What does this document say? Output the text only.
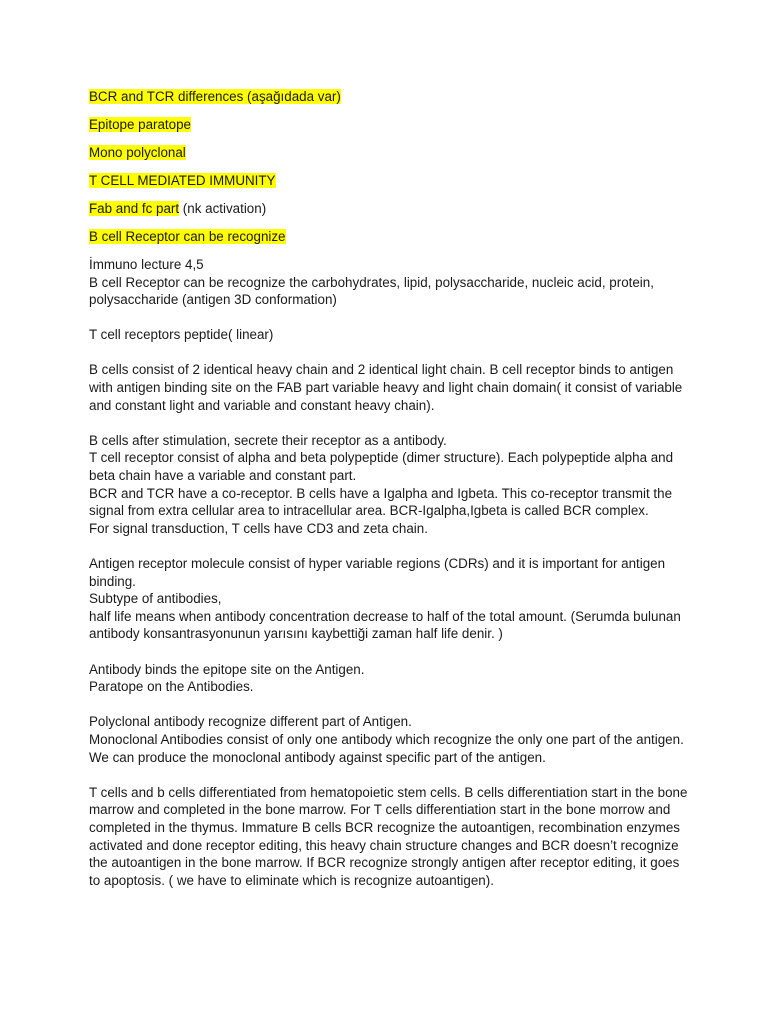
BCR and TCR differences (aşağıdada var)

Epitope paratope

Mono polyclonal

T CELL MEDIATED IMMUNITY

Fab and fc part (nk activation)

B cell Receptor can be recognize

İmmuno lecture 4,5

B cell Receptor can be recognize the carbohydrates, lipid, polysaccharide, nucleic acid, protein, polysaccharide (antigen 3D conformation)

T cell receptors peptide( linear)

B cells consist of 2 identical heavy chain and 2 identical light chain. B cell receptor binds to antigen with antigen binding site on the FAB part variable heavy and light chain domain( it consist of variable and constant light and variable and constant heavy chain).

B cells after stimulation, secrete their receptor as a antibody.

T cell receptor consist of alpha and beta polypeptide (dimer structure). Each polypeptide alpha and beta chain have a variable and constant part.

BCR and TCR have a co-receptor. B cells have a Igalpha and Igbeta. This co-receptor transmit the signal from extra cellular area to intracellular area. BCR-Igalpha,Igbeta is called BCR complex.

For signal transduction, T cells have CD3 and zeta chain.

Antigen receptor molecule consist of hyper variable regions (CDRs) and it is important for antigen binding.

Subtype of antibodies,

half life means when antibody concentration decrease to half of the total amount. (Serumda bulunan antibody konsantrasyonunun yarısını kaybettiği zaman half life denir. )

Antibody binds the epitope site on the Antigen.

Paratope on the Antibodies.

Polyclonal antibody recognize different part of Antigen.

Monoclonal Antibodies consist of only one antibody which recognize the only one part of the antigen. We can produce the monoclonal antibody against specific part of the antigen.

T cells and b cells differentiated from hematopoietic stem cells. B cells differentiation start in the bone marrow and completed in the bone marrow. For T cells differentiation start in the bone morrow and completed in the thymus. Immature B cells BCR recognize the autoantigen, recombination enzymes activated and done receptor editing, this heavy chain structure changes and BCR doesn’t recognize the autoantigen in the bone marrow. If BCR recognize strongly antigen after receptor editing, it goes to apoptosis. ( we have to eliminate which is recognize autoantigen).
